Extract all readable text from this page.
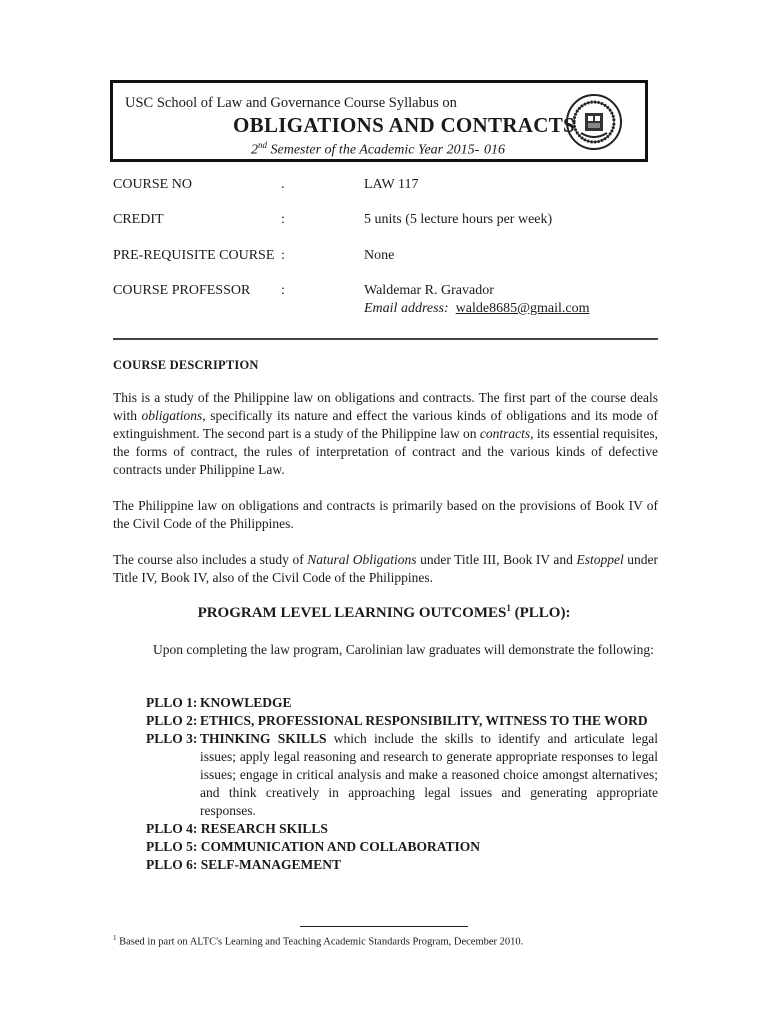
USC School of Law and Governance Course Syllabus on
OBLIGATIONS AND CONTRACTS
2nd Semester of the Academic Year 2015-  016
COURSE NO	.	LAW 117
CREDIT	:	5 units (5 lecture hours per week)
PRE-REQUISITE COURSE :	None
COURSE PROFESSOR :	Waldemar R. Gravador
Email address: walde8685@gmail.com
COURSE DESCRIPTION
This is a study of the Philippine law on obligations and contracts. The first part of the course deals with obligations, specifically its nature and effect the various kinds of obligations and its mode of extinguishment. The second part is a study of the Philippine law on contracts, its essential requisites, the forms of contract, the rules of interpretation of contract and the various kinds of defective contracts under Philippine Law.
The Philippine law on obligations and contracts is primarily based on the provisions of Book IV of the Civil Code of the Philippines.
The course also includes a study of Natural Obligations under Title III, Book IV and Estoppel under Title IV, Book IV, also of the Civil Code of the Philippines.
PROGRAM LEVEL LEARNING OUTCOMES$^1$ (PLLO):
Upon completing the law program, Carolinian law graduates will demonstrate the following:
PLLO 1: KNOWLEDGE
PLLO 2: ETHICS, PROFESSIONAL RESPONSIBILITY, WITNESS TO THE WORD
PLLO 3: THINKING SKILLS which include the skills to identify and articulate legal issues; apply legal reasoning and research to generate appropriate responses to legal issues; engage in critical analysis and make a reasoned choice amongst alternatives; and think creatively in approaching legal issues and generating appropriate responses.
PLLO 4: RESEARCH SKILLS
PLLO 5: COMMUNICATION AND COLLABORATION
PLLO 6: SELF-MANAGEMENT
$^1$ Based in part on ALTC's Learning and Teaching Academic Standards Program, December 2010.
